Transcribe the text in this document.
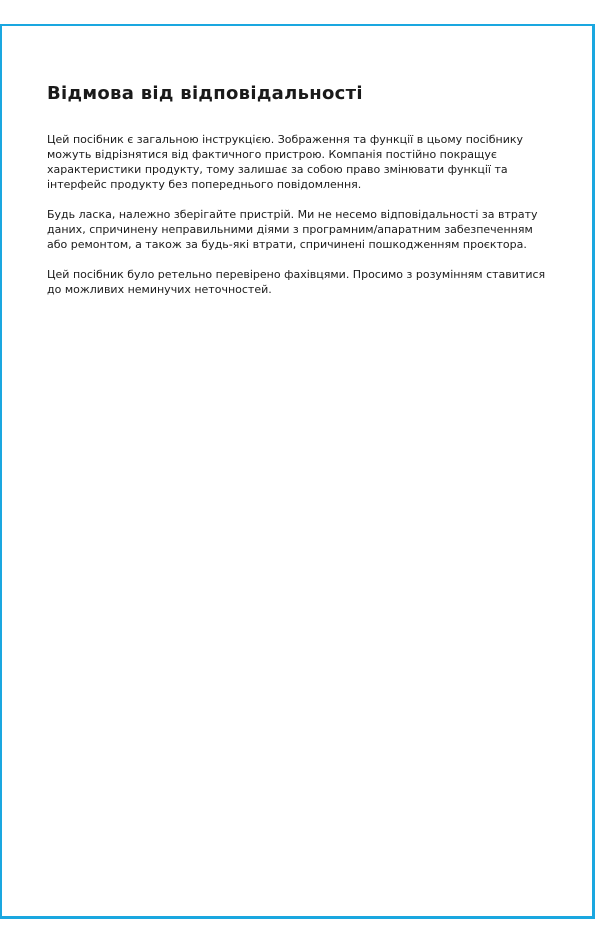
Відмова від відповідальності

Цей посібник є загальною інструкцією. Зображення та функції в цьому посібнику можуть відрізнятися від фактичного пристрою. Компанія постійно покращує характеристики продукту, тому залишає за собою право змінювати функції та інтерфейс продукту без попереднього повідомлення.

Будь ласка, належно зберігайте пристрій. Ми не несемо відповідальності за втрату даних, спричинену неправильними діями з програмним/апаратним забезпеченням або ремонтом, а також за будь-які втрати, спричинені пошкодженням проєктора.

Цей посібник було ретельно перевірено фахівцями. Просимо з розумінням ставитися до можливих неминучих неточностей.
